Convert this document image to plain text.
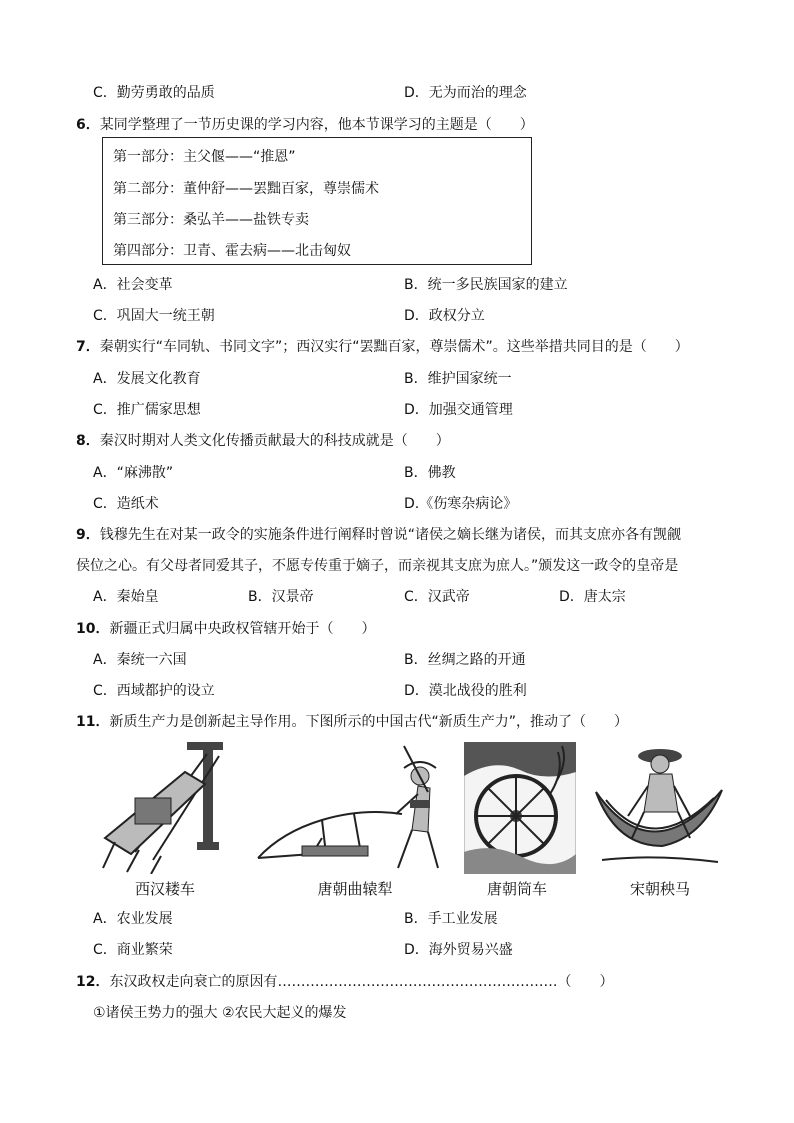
C．勤劳勇敢的品质	D．无为而治的理念
6．某同学整理了一节历史课的学习内容，他本节课学习的主题是（　　）
第一部分：主父偃——“推恩”
第二部分：董仲舒——罢黜百家，尊崇儒术
第三部分：桑弘羊——盐铁专卖
第四部分：卫青、霍去病——北击匈奴
A．社会变革	B．统一多民族国家的建立
C．巩固大一统王朝	D．政权分立
7．秦朝实行“车同轨、书同文字”；西汉实行“罢黜百家，尊崇儒术”。这些举措共同目的是（　　）
A．发展文化教育	B．维护国家统一
C．推广儒家思想	D．加强交通管理
8．秦汉时期对人类文化传播贡献最大的科技成就是（　　）
A．“麻沸散”	B．佛教
C．造纸术	D.《伤寒杂病论》
9．钱穆先生在对某一政令的实施条件进行阐释时曾说“诸侯之嫡长继为诸侯，而其支庶亦各有觊觎
侯位之心。有父母者同爱其子，不愿专传重于嫡子，而亲视其支庶为庶人。”颁发这一政令的皇帝是
A．秦始皇	B．汉景帝	C．汉武帝	D．唐太宗
10．新疆正式归属中央政权管辖开始于（　　）
A．秦统一六国	B．丝绸之路的开通
C．西域都护的设立	D．漠北战役的胜利
11．新质生产力是创新起主导作用。下图所示的中国古代“新质生产力”，推动了（　　）
西汉耧车	唐朝曲辕犁	唐朝筒车	宋朝秧马
A．农业发展	B．手工业发展
C．商业繁荣	D．海外贸易兴盛
12．东汉政权走向衰亡的原因有……………………………………………………（　　）
①诸侯王势力的强大 ②农民大起义的爆发
